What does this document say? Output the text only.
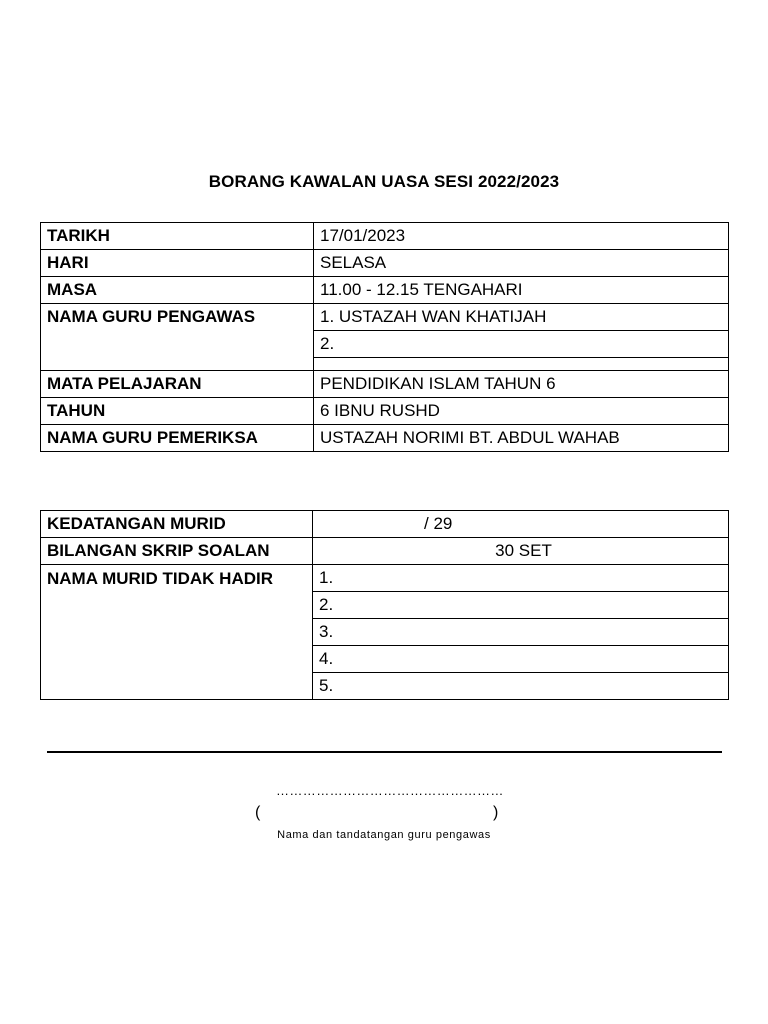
BORANG KAWALAN UASA SESI 2022/2023
TARIKH	17/01/2023
HARI	SELASA
MASA	11.00 - 12.15 TENGAHARI
NAMA GURU PENGAWAS	1. USTAZAH WAN KHATIJAH
	2.

MATA PELAJARAN	PENDIDIKAN ISLAM TAHUN 6
TAHUN	6 IBNU RUSHD
NAMA GURU PEMERIKSA	USTAZAH NORIMI BT. ABDUL WAHAB
KEDATANGAN MURID	/ 29
BILANGAN SKRIP SOALAN	30 SET
NAMA MURID TIDAK HADIR	1.
	2.
	3.
	4.
	5.
……………………………………………
(	)
Nama dan tandatangan guru pengawas
